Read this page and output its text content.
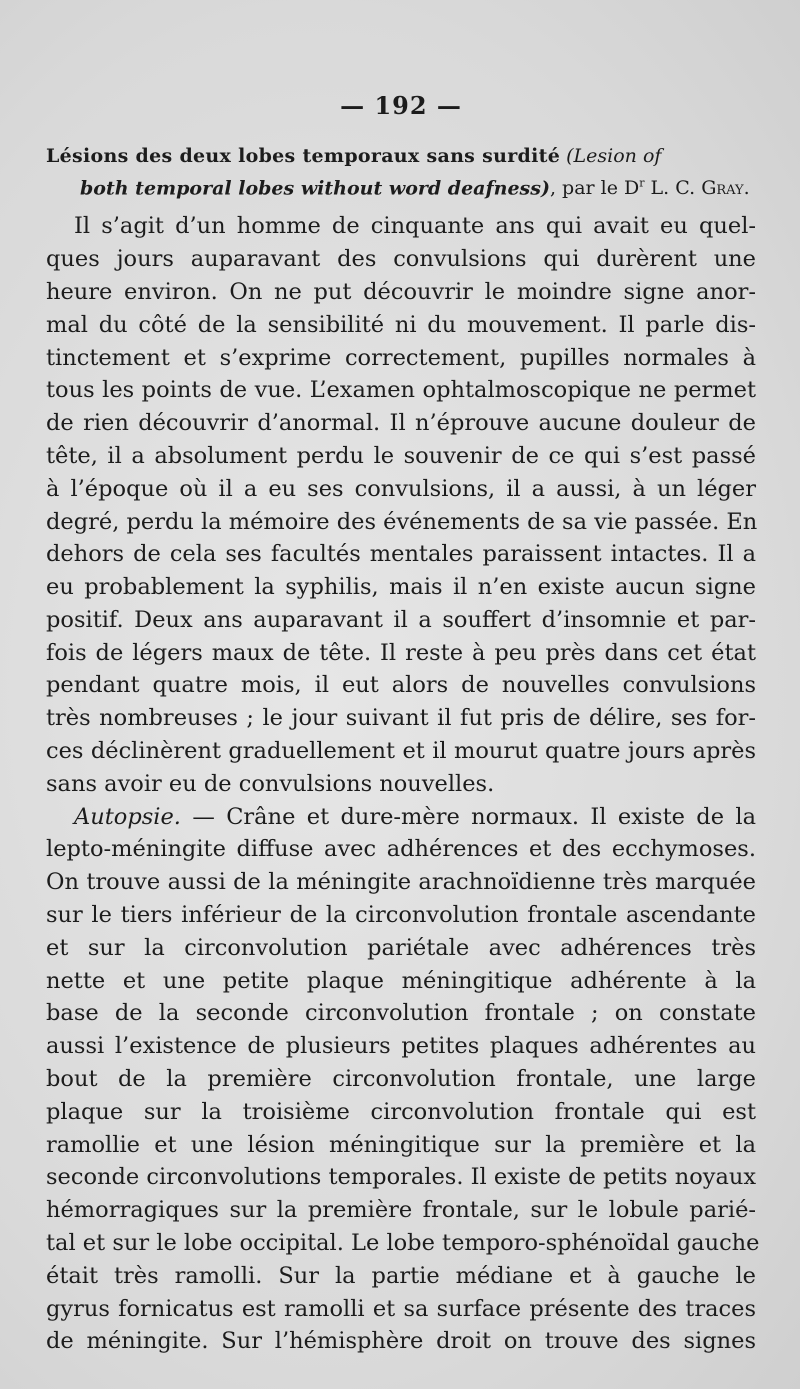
— 192 —
Lésions des deux lobes temporaux sans surdité (Lesion of
both temporal lobes without word deafness), par le $D^r$ L. C. Gray.
Il s’agit d’un homme de cinquante ans qui avait eu quel-
ques jours auparavant des convulsions qui durèrent une
heure environ. On ne put découvrir le moindre signe anor-
mal du côté de la sensibilité ni du mouvement. Il parle dis-
tinctement et s’exprime correctement, pupilles normales à
tous les points de vue. L’examen ophtalmoscopique ne permet
de rien découvrir d’anormal. Il n’éprouve aucune douleur de
tête, il a absolument perdu le souvenir de ce qui s’est passé
à l’époque où il a eu ses convulsions, il a aussi, à un léger
degré, perdu la mémoire des événements de sa vie passée. En
dehors de cela ses facultés mentales paraissent intactes. Il a
eu probablement la syphilis, mais il n’en existe aucun signe
positif. Deux ans auparavant il a souffert d’insomnie et par-
fois de légers maux de tête. Il reste à peu près dans cet état
pendant quatre mois, il eut alors de nouvelles convulsions
très nombreuses ; le jour suivant il fut pris de délire, ses for-
ces déclinèrent graduellement et il mourut quatre jours après
sans avoir eu de convulsions nouvelles.
Autopsie. — Crâne et dure-mère normaux. Il existe de la
lepto-méningite diffuse avec adhérences et des ecchymoses.
On trouve aussi de la méningite arachnoïdienne très marquée
sur le tiers inférieur de la circonvolution frontale ascendante
et sur la circonvolution pariétale avec adhérences très
nette et une petite plaque méningitique adhérente à la
base de la seconde circonvolution frontale ; on constate
aussi l’existence de plusieurs petites plaques adhérentes au
bout de la première circonvolution frontale, une large
plaque sur la troisième circonvolution frontale qui est
ramollie et une lésion méningitique sur la première et la
seconde circonvolutions temporales. Il existe de petits noyaux
hémorragiques sur la première frontale, sur le lobule parié-
tal et sur le lobe occipital. Le lobe temporo-sphénoïdal gauche
était très ramolli. Sur la partie médiane et à gauche le
gyrus fornicatus est ramolli et sa surface présente des traces
de méningite. Sur l’hémisphère droit on trouve des signes
